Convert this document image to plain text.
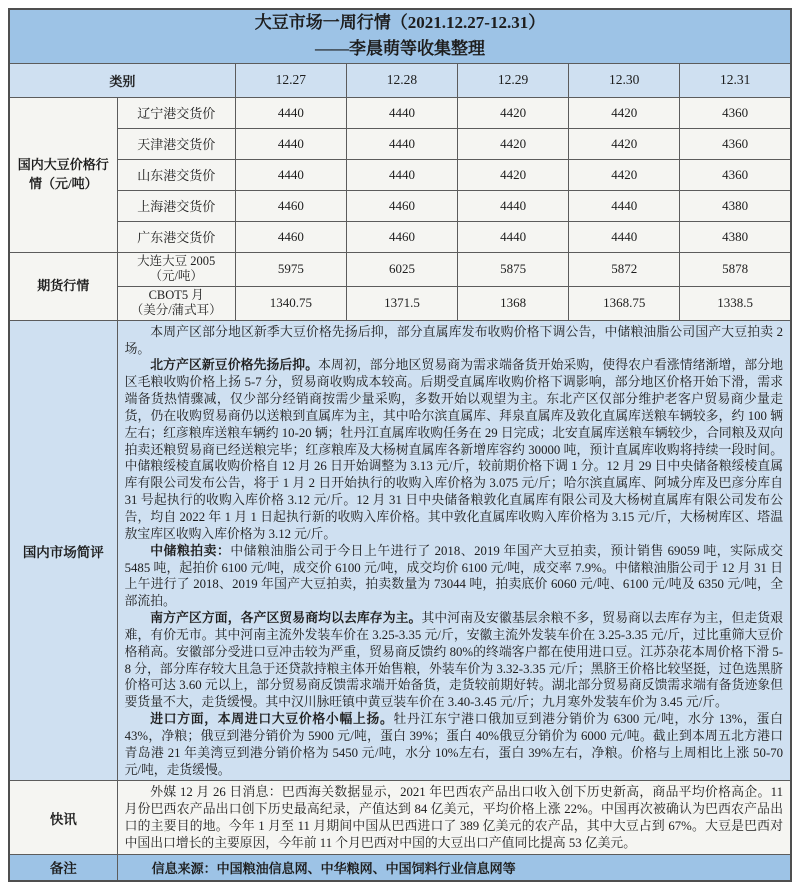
大豆市场一周行情（2021.12.27-12.31）
——李晨萌等收集整理						

类别		12.27	12.28	12.29	12.30	12.31
国内大豆价格行情（元/吨）	辽宁港交货价	4440	4440	4420	4420	4360
	天津港交货价	4440	4440	4420	4420	4360
	山东港交货价	4440	4440	4420	4420	4360
	上海港交货价	4460	4460	4440	4440	4380
	广东港交货价	4460	4460	4440	4440	4380
期货行情	大连大豆 2005
（元/吨）	5975	6025	5875	5872	5878

	CBOT5 月
（美分/蒲式耳）	1340.75	1371.5	1368	1368.75	1338.5
国内市场简评	本周产区部分地区新季大豆价格先扬后抑，部分直属库发布收购价格下调公告，中储粮油脂公司国产大豆拍卖 2 场。

北方产区新豆价格先扬后抑。本周初，部分地区贸易商为需求端备货开始采购，使得农户看涨情绪渐增，部分地区毛粮收购价格上扬 5-7 分，贸易商收购成本较高。后期受直属库收购价格下调影响，部分地区价格开始下滑，需求端备货热情骤减，仅少部分经销商按需少量采购，多数开始以观望为主。东北产区仅部分维护老客户贸易商少量走货，仍在收购贸易商仍以送粮到直属库为主，其中哈尔滨直属库、拜泉直属库及敦化直属库送粮车辆较多，约 100 辆左右；红彦粮库送粮车辆约 10-20 辆；牡丹江直属库收购任务在 29 日完成；北安直属库送粮车辆较少，合同粮及双向拍卖还粮贸易商已经送粮完毕；红彦粮库及大杨树直属库各新增库容约 30000 吨，预计直属库收购将持续一段时间。中储粮绥棱直属收购价格自 12 月 26 日开始调整为 3.13 元/斤，较前期价格下调 1 分。12 月 29 日中央储备粮绥棱直属库有限公司发布公告，将于 1 月 2 日开始执行的收购入库价格为 3.075 元/斤；哈尔滨直属库、阿城分库及巴彦分库自 31 号起执行的收购入库价格 3.12 元/斤。12 月 31 日中央储备粮敦化直属库有限公司及大杨树直属库有限公司发布公告，均自 2022 年 1 月 1 日起执行新的收购入库价格。其中敦化直属库收购入库价格为 3.15 元/斤，大杨树库区、塔温敖宝库区收购入库价格为 3.12 元/斤。

中储粮拍卖：中储粮油脂公司于今日上午进行了 2018、2019 年国产大豆拍卖，预计销售 69059 吨，实际成交 5485 吨，起拍价 6100 元/吨，成交价 6100 元/吨，成交均价 6100 元/吨，成交率 7.9%。中储粮油脂公司于 12 月 31 日上午进行了 2018、2019 年国产大豆拍卖，拍卖数量为 73044 吨，拍卖底价 6060 元/吨、6100 元/吨及 6350 元/吨，全部流拍。

南方产区方面，各产区贸易商均以去库存为主。其中河南及安徽基层余粮不多，贸易商以去库存为主，但走货艰难，有价无市。其中河南主流外发装车价在 3.25-3.35 元/斤，安徽主流外发装车价在 3.25-3.35 元/斤，过比重筛大豆价格稍高。安徽部分受进口豆冲击较为严重，贸易商反馈约 80%的终端客户都在使用进口豆。江苏杂花本周价格下滑 5-8 分，部分库存较大且急于还贷款持粮主体开始售粮，外装车价为 3.32-3.35 元/斤；黑脐王价格比较坚挺，过色选黑脐价格可达 3.60 元以上，部分贸易商反馈需求端开始备货，走货较前期好转。湖北部分贸易商反馈需求端有备货迹象但要货量不大，走货缓慢。其中汉川脉旺镇中黄豆装车价在 3.40-3.45 元/斤；九月寒外发装车价为 3.45 元/斤。

进口方面，本周进口大豆价格小幅上扬。牡丹江东宁港口俄加豆到港分销价为 6300 元/吨，水分 13%，蛋白 43%，净粮；俄豆到港分销价为 5900 元/吨，蛋白 39%；蛋白 40%俄豆分销价为 6000 元/吨。截止到本周五北方港口青岛港 21 年美湾豆到港分销价格为 5450 元/吨，水分 10%左右，蛋白 39%左右，净粮。价格与上周相比上涨 50-70 元/吨，走货缓慢。					

快讯	外媒 12 月 26 日消息：巴西海关数据显示，2021 年巴西农产品出口收入创下历史新高，商品平均价格高企。11 月份巴西农产品出口创下历史最高纪录，产值达到 84 亿美元，平均价格上涨 22%。中国再次被确认为巴西农产品出口的主要目的地。今年 1 月至 11 月期间中国从巴西进口了 389 亿美元的农产品，其中大豆占到 67%。大豆是巴西对中国出口增长的主要原因，今年前 11 个月巴西对中国的大豆出口产值同比提高 53 亿美元。					

备注	信息来源：中国粮油信息网、中华粮网、中国饲料行业信息网等					
